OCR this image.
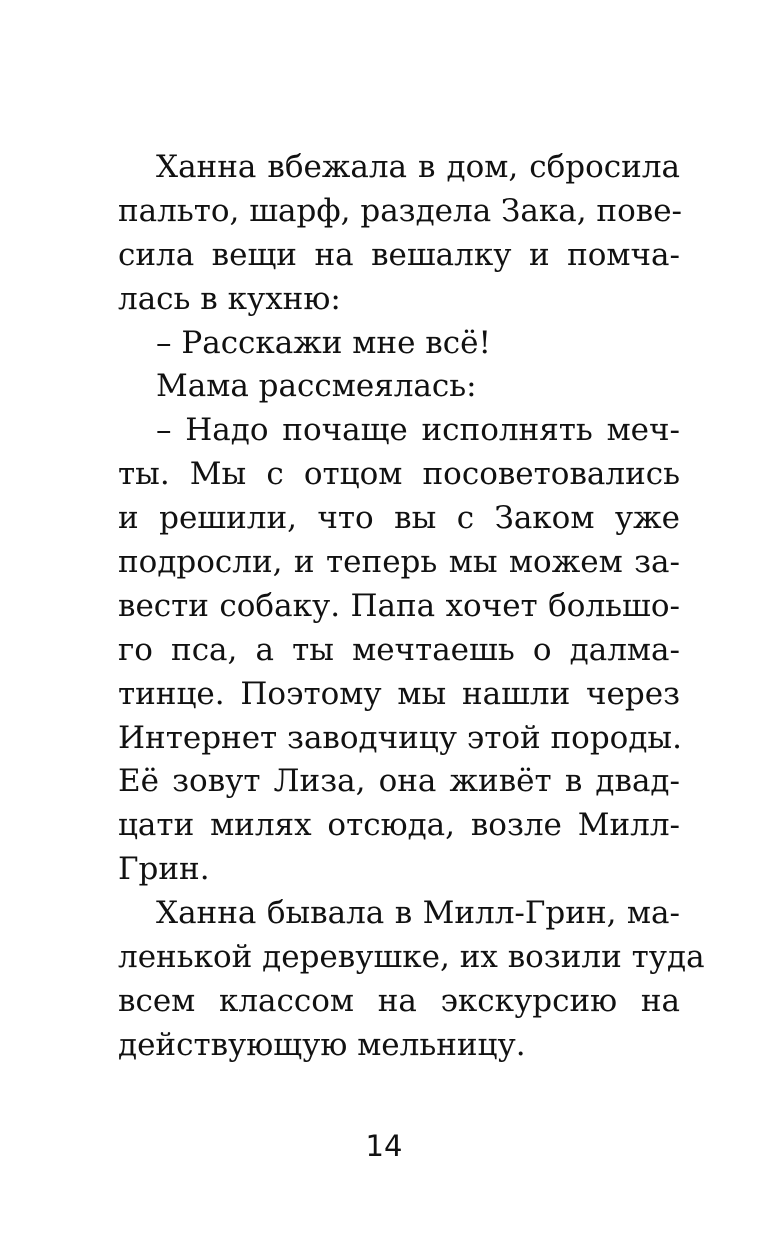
Ханна вбежала в дом, сбросила
пальто, шарф, раздела Зака, пове-
сила вещи на вешалку и помча-
лась в кухню:
– Расскажи мне всё!
Мама рассмеялась:
– Надо почаще исполнять меч-
ты. Мы с отцом посоветовались
и решили, что вы с Заком уже
подросли, и теперь мы можем за-
вести собаку. Папа хочет большо-
го пса, а ты мечтаешь о далма-
тинце. Поэтому мы нашли через
Интернет заводчицу этой породы.
Её зовут Лиза, она живёт в двад-
цати милях отсюда, возле Милл-
Грин.
Ханна бывала в Милл-Грин, ма-
ленькой деревушке, их возили туда
всем классом на экскурсию на
действующую мельницу.
14
